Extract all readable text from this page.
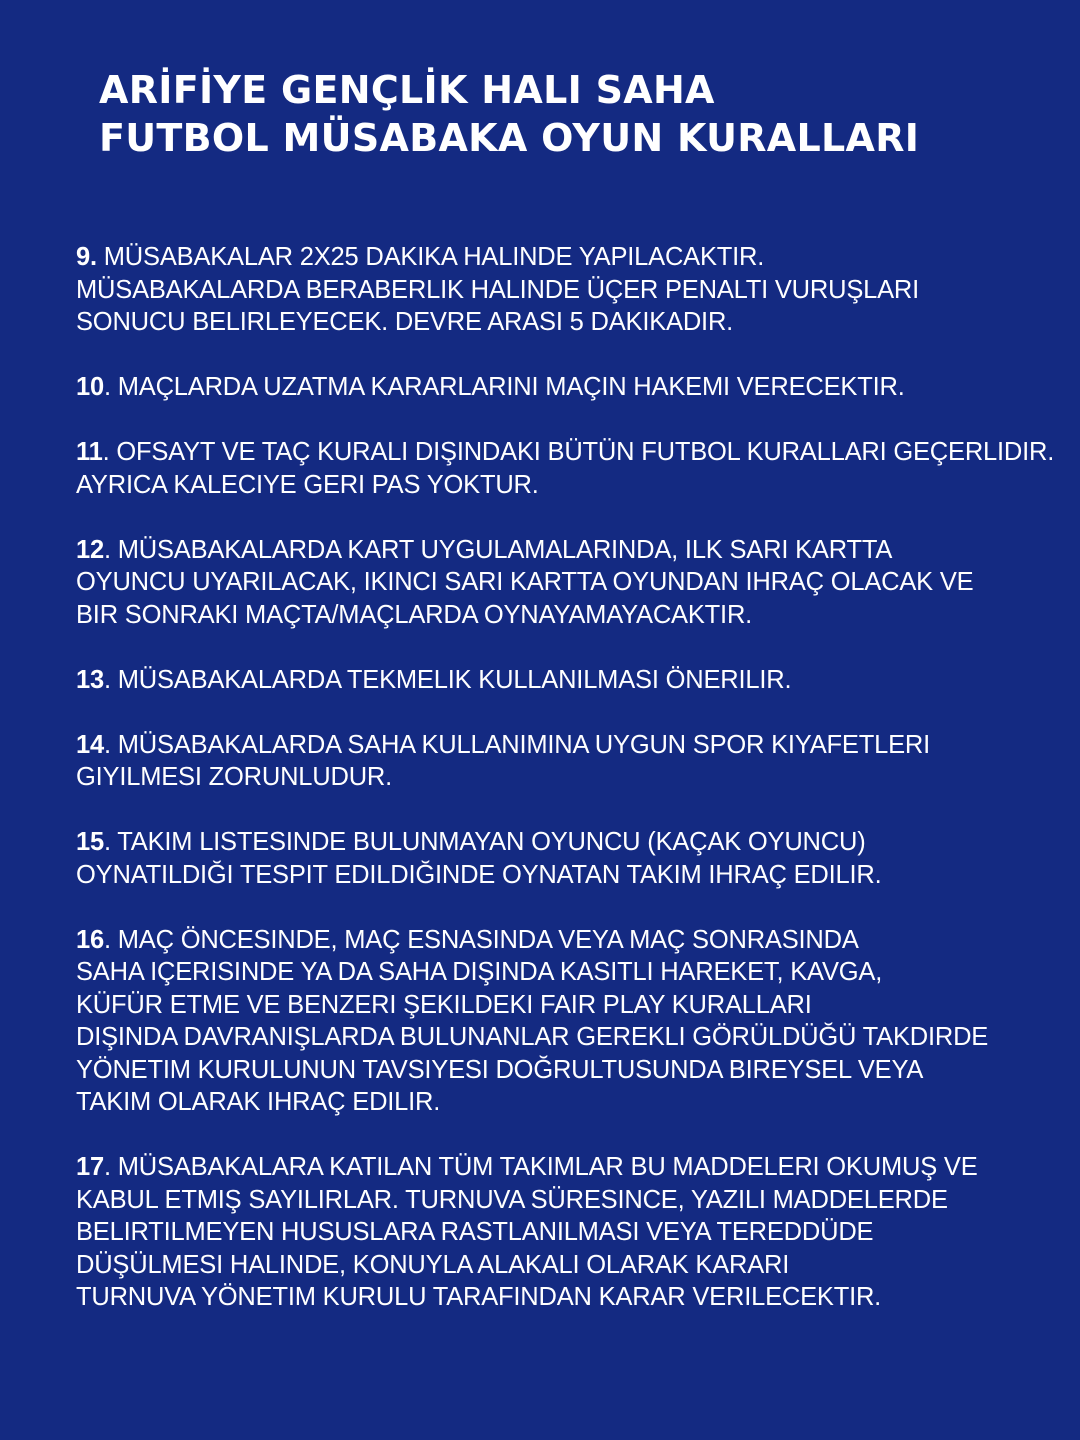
ARİFİYE GENÇLİK HALI SAHA
FUTBOL MÜSABAKA OYUN KURALLARI
9. MÜSABAKALAR 2X25 DAKIKA HALINDE YAPILACAKTIR.
MÜSABAKALARDA BERABERLIK HALINDE ÜÇER PENALTI VURUŞLARI
SONUCU BELIRLEYECEK. DEVRE ARASI 5 DAKIKADIR.
10. MAÇLARDA UZATMA KARARLARINI MAÇIN HAKEMI VERECEKTIR.
11. OFSAYT VE TAÇ KURALI DIŞINDAKI BÜTÜN FUTBOL KURALLARI GEÇERLIDIR.
AYRICA KALECIYE GERI PAS YOKTUR.
12. MÜSABAKALARDA KART UYGULAMALARINDA, ILK SARI KARTTA
OYUNCU UYARILACAK, IKINCI SARI KARTTA OYUNDAN IHRAÇ OLACAK VE
BIR SONRAKI MAÇTA/MAÇLARDA OYNAYAMAYACAKTIR.
13. MÜSABAKALARDA TEKMELIK KULLANILMASI ÖNERILIR.
14. MÜSABAKALARDA SAHA KULLANIMINA UYGUN SPOR KIYAFETLERI
GIYILMESI ZORUNLUDUR.
15. TAKIM LISTESINDE BULUNMAYAN OYUNCU (KAÇAK OYUNCU)
OYNATILDIĞI TESPIT EDILDIĞINDE OYNATAN TAKIM IHRAÇ EDILIR.
16. MAÇ ÖNCESINDE, MAÇ ESNASINDA VEYA MAÇ SONRASINDA
SAHA IÇERISINDE YA DA SAHA DIŞINDA KASITLI HAREKET, KAVGA,
KÜFÜR ETME VE BENZERI ŞEKILDEKI FAIR PLAY KURALLARI
DIŞINDA DAVRANIŞLARDA BULUNANLAR GEREKLI GÖRÜLDÜĞÜ TAKDIRDE
YÖNETIM KURULUNUN TAVSIYESI DOĞRULTUSUNDA BIREYSEL VEYA
TAKIM OLARAK IHRAÇ EDILIR.
17. MÜSABAKALARA KATILAN TÜM TAKIMLAR BU MADDELERI OKUMUŞ VE
KABUL ETMIŞ SAYILIRLAR. TURNUVA SÜRESINCE, YAZILI MADDELERDE
BELIRTILMEYEN HUSUSLARA RASTLANILMASI VEYA TEREDDÜDE
DÜŞÜLMESI HALINDE, KONUYLA ALAKALI OLARAK KARARI
TURNUVA YÖNETIM KURULU TARAFINDAN KARAR VERILECEKTIR.
